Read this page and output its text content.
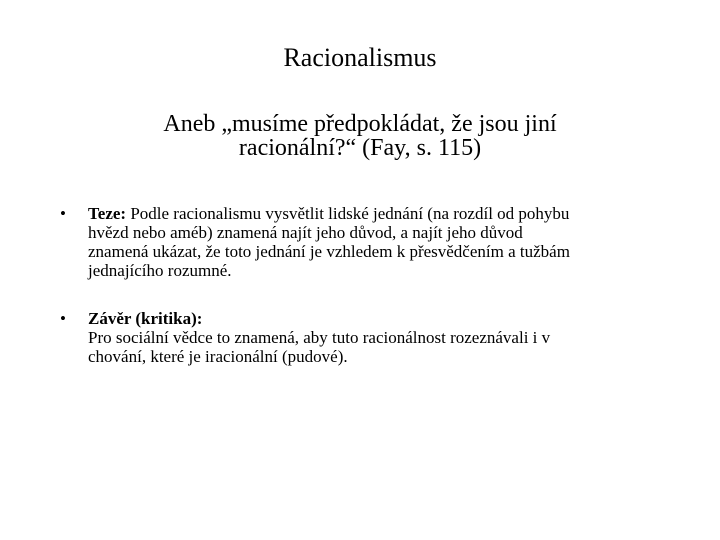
Racionalismus
Aneb „musíme předpokládat, že jsou jiní
racionální?“ (Fay, s. 115)
• Teze: Podle racionalismu vysvětlit lidské jednání (na rozdíl od pohybu
hvězd nebo améb) znamená najít jeho důvod, a najít jeho důvod
znamená ukázat, že toto jednání je vzhledem k přesvědčením a tužbám
jednajícího rozumné.
• Závěr (kritika):
Pro sociální vědce to znamená, aby tuto racionálnost rozeznávali i v
chování, které je iracionální (pudové).
